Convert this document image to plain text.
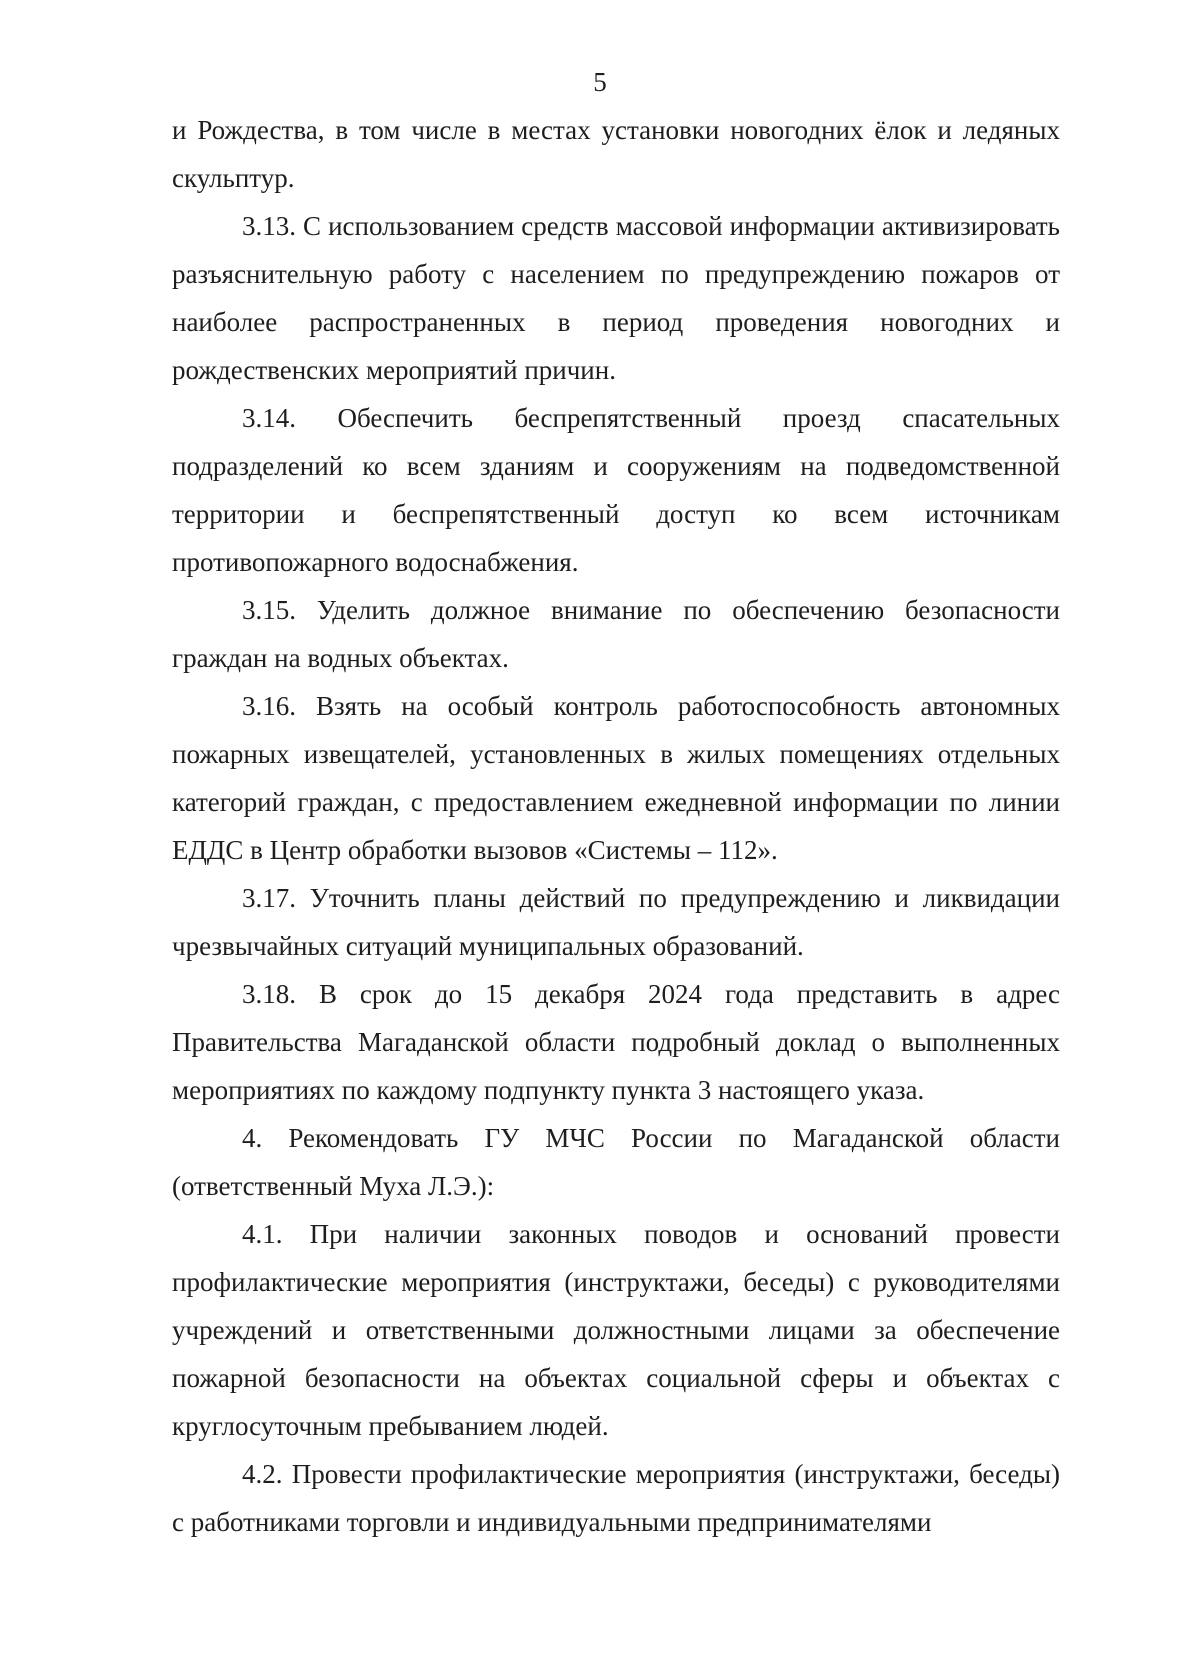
5

и Рождества, в том числе в местах установки новогодних ёлок и ледяных скульптур.

3.13. С использованием средств массовой информации активизировать разъяснительную работу с населением по предупреждению пожаров от наиболее распространенных в период проведения новогодних и рождественских мероприятий причин.

3.14. Обеспечить беспрепятственный проезд спасательных подразделений ко всем зданиям и сооружениям на подведомственной территории и беспрепятственный доступ ко всем источникам противопожарного водоснабжения.

3.15. Уделить должное внимание по обеспечению безопасности граждан на водных объектах.

3.16. Взять на особый контроль работоспособность автономных пожарных извещателей, установленных в жилых помещениях отдельных категорий граждан, с предоставлением ежедневной информации по линии ЕДДС в Центр обработки вызовов «Системы – 112».

3.17. Уточнить планы действий по предупреждению и ликвидации чрезвычайных ситуаций муниципальных образований.

3.18. В срок до 15 декабря 2024 года представить в адрес Правительства Магаданской области подробный доклад о выполненных мероприятиях по каждому подпункту пункта 3 настоящего указа.

4. Рекомендовать ГУ МЧС России по Магаданской области (ответственный Муха Л.Э.):

4.1. При наличии законных поводов и оснований провести профилактические мероприятия (инструктажи, беседы) с руководителями учреждений и ответственными должностными лицами за обеспечение пожарной безопасности на объектах социальной сферы и объектах с круглосуточным пребыванием людей.

4.2. Провести профилактические мероприятия (инструктажи, беседы) с работниками торговли и индивидуальными предпринимателями
